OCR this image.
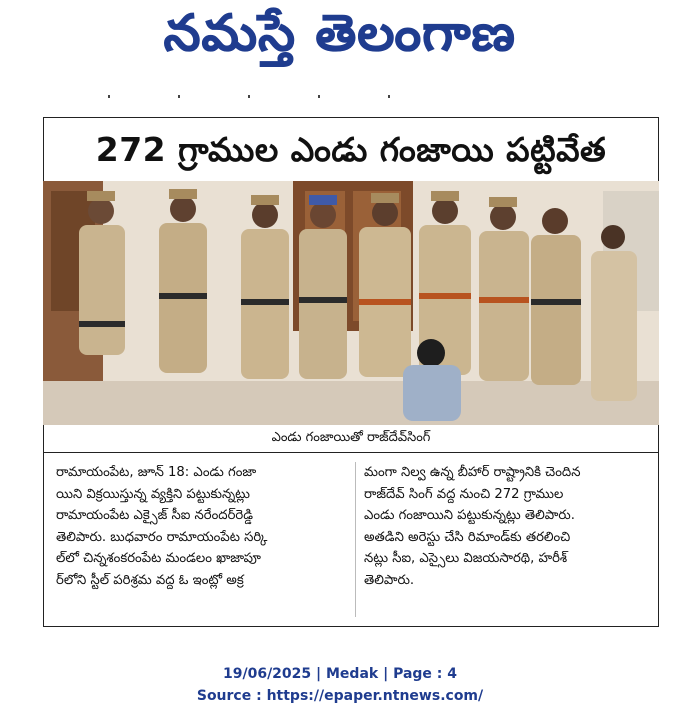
నమస్తే తెలంగాణ
272 గ్రాముల ఎండు గంజాయి పట్టివేత
ఎండు గంజాయితో రాజ్‌దేవ్‌సింగ్
రామాయంపేట, జూన్ 18: ఎండు గంజా
యిని విక్రయిస్తున్న వ్యక్తిని పట్టుకున్నట్లు
రామాయంపేట ఎక్సైజ్ సీఐ నరేందర్‌రెడ్డి
తెలిపారు. బుధవారం రామాయంపేట సర్కి
ల్‌లో చిన్నశంకరంపేట మండలం ఖాజాపూ
ర్‌లోని స్టీల్ పరిశ్రమ వద్ద ఓ ఇంట్లో అక్ర
మంగా నిల్వ ఉన్న బీహార్ రాష్ట్రానికి చెందిన
రాజ్‌దేవ్ సింగ్ వద్ద నుంచి 272 గ్రాముల
ఎండు గంజాయిని పట్టుకున్నట్లు తెలిపారు.
అతడిని అరెస్టు చేసి రిమాండ్‌కు తరలించి
నట్లు సీఐ, ఎస్సైలు విజయసారథి, హరీశ్
తెలిపారు.
19/06/2025 | Medak | Page : 4
Source : https://epaper.ntnews.com/
